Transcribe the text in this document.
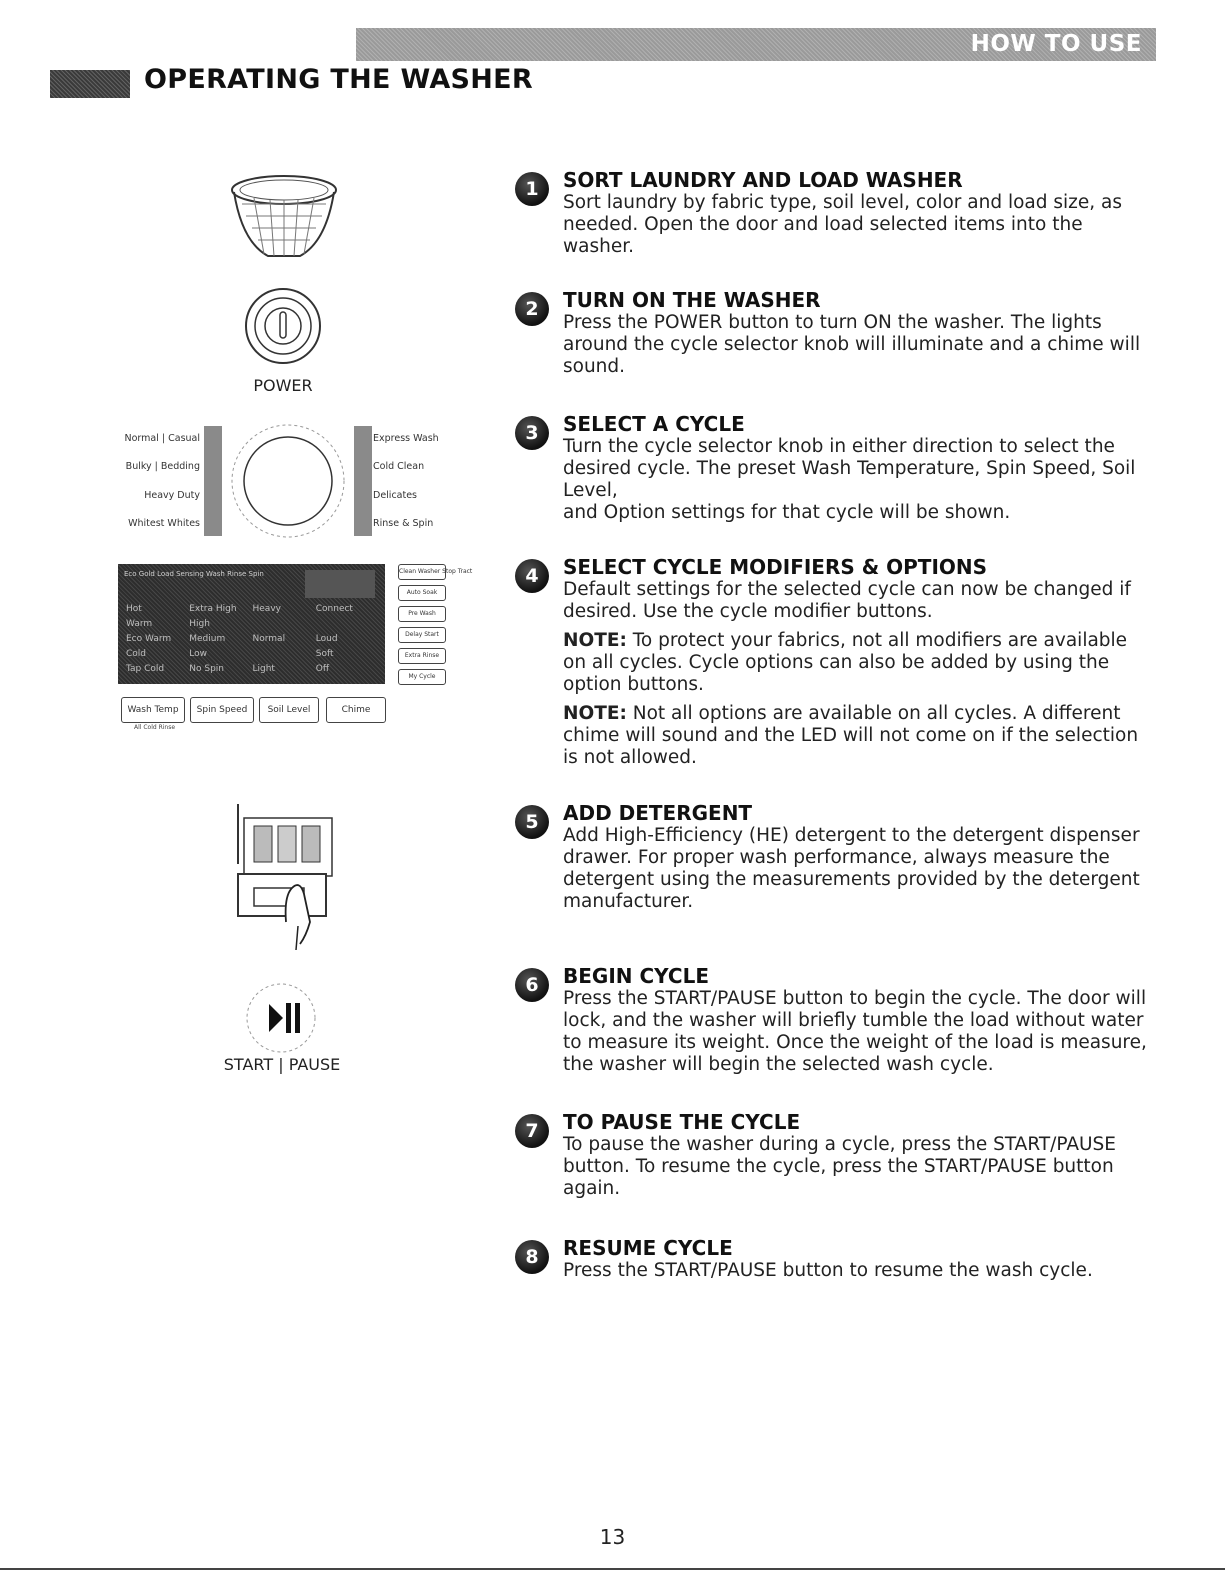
HOW TO USE
OPERATING THE WASHER
POWER
Normal | Casual
Bulky | Bedding
Heavy Duty
Whitest Whites
Express Wash
Cold Clean
Delicates
Rinse & Spin
Eco Gold Load Sensing Wash Rinse Spin
Hot	Extra High	Heavy	Connect
Warm	High
Eco Warm	Medium	Normal	Loud
Cold	Low	Soft
Tap Cold	No Spin	Light	Off
Clean Washer Stop Tract
Auto Soak
Pre Wash
Delay Start
Extra Rinse
My Cycle
Wash Temp	Spin Speed	Soil Level	Chime
All Cold Rinse
START | PAUSE
1	SORT LAUNDRY AND LOAD WASHER
Sort laundry by fabric type, soil level, color and load size, as needed. Open the door and load selected items into the washer.
2	TURN ON THE WASHER
Press the POWER button to turn ON the washer. The lights around the cycle selector knob will illuminate and a chime will sound.
3	SELECT A CYCLE
Turn the cycle selector knob in either direction to select the desired cycle. The preset Wash Temperature, Spin Speed, Soil Level,
and Option settings for that cycle will be shown.
4	SELECT CYCLE MODIFIERS & OPTIONS
Default settings for the selected cycle can now be changed if desired. Use the cycle modifier buttons.
NOTE: To protect your fabrics, not all modifiers are available on all cycles. Cycle options can also be added by using the option buttons.
NOTE: Not all options are available on all cycles. A different chime will sound and the LED will not come on if the selection is not allowed.
5	ADD DETERGENT
Add High-Efficiency (HE) detergent to the detergent dispenser drawer. For proper wash performance, always measure the detergent using the measurements provided by the detergent manufacturer.
6	BEGIN CYCLE
Press the START/PAUSE button to begin the cycle. The door will lock, and the washer will briefly tumble the load without water to measure its weight. Once the weight of the load is measure, the washer will begin the selected wash cycle.
7	TO PAUSE THE CYCLE
To pause the washer during a cycle, press the START/PAUSE button. To resume the cycle, press the START/PAUSE button again.
8	RESUME CYCLE
Press the START/PAUSE button to resume the wash cycle.
13
